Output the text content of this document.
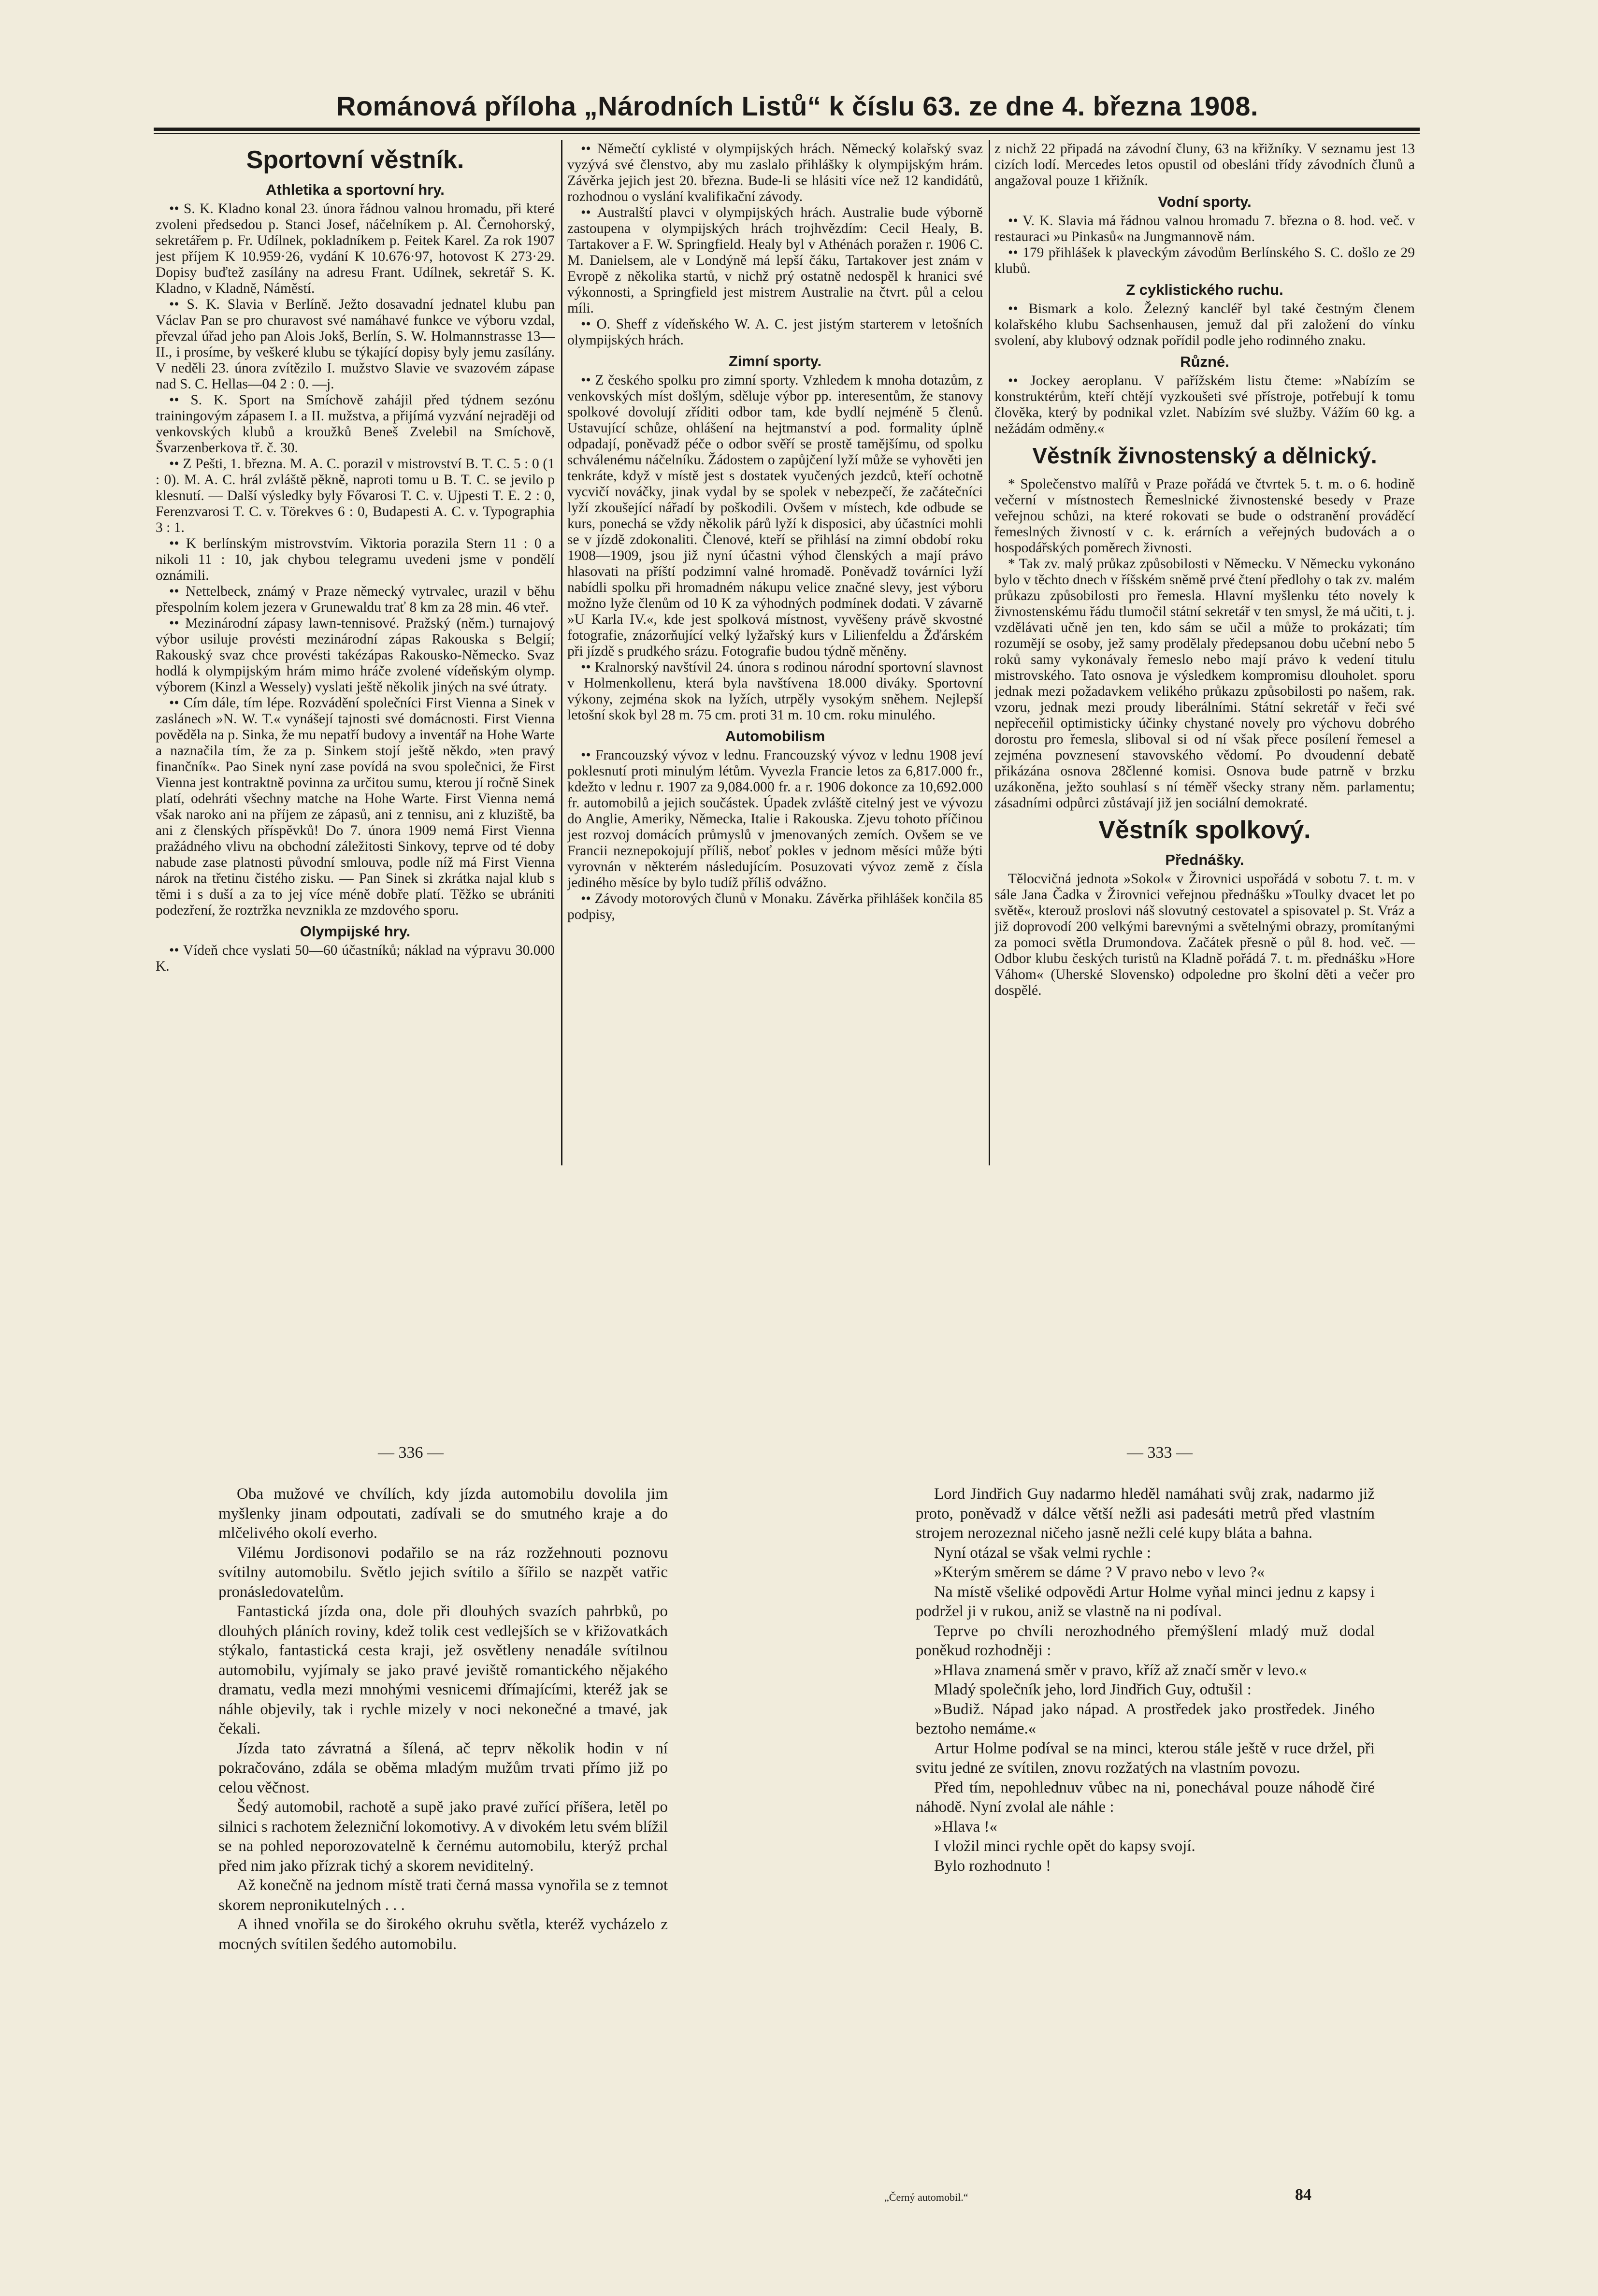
Románová příloha „Národních Listů“ k číslu 63. ze dne 4. března 1908.
Sportovní věstník.
Athletika a sportovní hry.

•• S. K. Kladno konal 23. února řádnou valnou hromadu, při které zvoleni předsedou p. Stanci Josef, náčelníkem p. Al. Černohorský, sekretářem p. Fr. Udílnek, pokladníkem p. Feitek Karel. Za rok 1907 jest příjem K 10.959·26, vydání K 10.676·97, hotovost K 273·29. Dopisy buďtež zasílány na adresu Frant. Udílnek, sekretář S. K. Kladno, v Kladně, Náměstí.

•• S. K. Slavia v Berlíně. Ježto dosavadní jednatel klubu pan Václav Pan se pro churavost své namáhavé funkce ve výboru vzdal, převzal úřad jeho pan Alois Jokš, Berlín, S. W. Holmannstrasse 13—II., i prosíme, by veškeré klubu se týkající dopisy byly jemu zasílány. V neděli 23. února zvítězilo I. mužstvo Slavie ve svazovém zápase nad S. C. Hellas—04 2 : 0. —j.

•• S. K. Sport na Smíchově zahájil před týdnem sezónu trainingovým zápasem I. a II. mužstva, a přijímá vyzvání nejraději od venkovských klubů a kroužků Beneš Zvelebil na Smíchově, Švarzenberkova tř. č. 30.

•• Z Pešti, 1. března. M. A. C. porazil v mistrovství B. T. C. 5 : 0 (1 : 0). M. A. C. hrál zvláště pěkně, naproti tomu u B. T. C. se jevilo p klesnutí. — Další výsledky byly Fővarosi T. C. v. Ujpesti T. E. 2 : 0, Ferenzvarosi T. C. v. Törekves 6 : 0, Budapesti A. C. v. Typographia 3 : 1.

•• K berlínským mistrovstvím. Viktoria porazila Stern 11 : 0 a nikoli 11 : 10, jak chybou telegramu uvedeni jsme v pondělí oznámili.

•• Nettelbeck, známý v Praze německý vytrvalec, urazil v běhu přespolním kolem jezera v Grunewaldu trať 8 km za 28 min. 46 vteř.

•• Mezinárodní zápasy lawn-tennisové. Pražský (něm.) turnajový výbor usiluje provésti mezinárodní zápas Rakouska s Belgií; Rakouský svaz chce provésti takézápas Rakousko-Německo. Svaz hodlá k olympijským hrám mimo hráče zvolené vídeňským olymp. výborem (Kinzl a Wessely) vyslati ještě několik jiných na své útraty.

•• Cím dále, tím lépe. Rozvádění společníci First Vienna a Sinek v zaslánech »N. W. T.« vynášejí tajnosti své domácnosti. First Vienna pověděla na p. Sinka, že mu nepatří budovy a inventář na Hohe Warte a naznačila tím, že za p. Sinkem stojí ještě někdo, »ten pravý finančník«. Pao Sinek nyní zase povídá na svou společnici, že First Vienna jest kontraktně povinna za určitou sumu, kterou jí ročně Sinek platí, odehráti všechny matche na Hohe Warte. First Vienna nemá však naroko ani na příjem ze zápasů, ani z tennisu, ani z kluziště, ba ani z členských příspěvků! Do 7. února 1909 nemá First Vienna pražádného vlivu na obchodní záležitosti Sinkovy, teprve od té doby nabude zase platnosti původní smlouva, podle níž má First Vienna nárok na třetinu čistého zisku. — Pan Sinek si zkrátka najal klub s těmi i s duší a za to jej více méně dobře platí. Těžko se ubrániti podezření, že roztržka nevznikla ze mzdového sporu.

Olympijské hry.

•• Vídeň chce vyslati 50—60 účastníků; náklad na výpravu 30.000 K.

•• Němečtí cyklisté v olympijských hrách. Německý kolařský svaz vyzývá své členstvo, aby mu zaslalo přihlášky k olympijským hrám. Závěrka jejich jest 20. března. Bude-li se hlásiti více než 12 kandidátů, rozhodnou o vyslání kvalifikační závody.

•• Australští plavci v olympijských hrách. Australie bude výborně zastoupena v olympijských hrách trojhvězdím: Cecil Healy, B. Tartakover a F. W. Springfield. Healy byl v Athénách poražen r. 1906 C. M. Danielsem, ale v Londýně má lepší čáku, Tartakover jest znám v Evropě z několika startů, v nichž prý ostatně nedospěl k hranici své výkonnosti, a Springfield jest mistrem Australie na čtvrt. půl a celou míli.

•• O. Sheff z vídeňského W. A. C. jest jistým starterem v letošních olympijských hrách.

Zimní sporty.

•• Z českého spolku pro zimní sporty. Vzhledem k mnoha dotazům, z venkovských míst došlým, sděluje výbor pp. interesentům, že stanovy spolkové dovolují zříditi odbor tam, kde bydlí nejméně 5 členů. Ustavující schůze, ohlášení na hejtmanství a pod. formality úplně odpadají, poněvadž péče o odbor svěří se prostě tamějšímu, od spolku schválenému náčelníku. Žádostem o zapůjčení lyží může se vyhověti jen tenkráte, když v místě jest s dostatek vyučených jezdců, kteří ochotně vycvičí nováčky, jinak vydal by se spolek v nebezpečí, že začátečníci lyží zkoušející nářadí by poškodili. Ovšem v místech, kde odbude se kurs, ponechá se vždy několik párů lyží k disposici, aby účastníci mohli se v jízdě zdokonaliti. Členové, kteří se přihlásí na zimní období roku 1908—1909, jsou již nyní účastni výhod členských a mají právo hlasovati na příští podzimní valné hromadě. Poněvadž továrníci lyží nabídli spolku při hromadném nákupu velice značné slevy, jest výboru možno lyže členům od 10 K za výhodných podmínek dodati. V závarně »U Karla IV.«, kde jest spolková místnost, vyvěšeny právě skvostné fotografie, znázorňující velký lyžařský kurs v Lilienfeldu a Žďárském při jízdě s prudkého srázu. Fotografie budou týdně měněny.

•• Kralnorský navštívil 24. února s rodinou národní sportovní slavnost v Holmenkollenu, která byla navštívena 18.000 diváky. Sportovní výkony, zejména skok na lyžích, utrpěly vysokým sněhem. Nejlepší letošní skok byl 28 m. 75 cm. proti 31 m. 10 cm. roku minulého.

Automobilism

•• Francouzský vývoz v lednu. Francouzský vývoz v lednu 1908 jeví poklesnutí proti minulým létům. Vyvezla Francie letos za 6,817.000 fr., kdežto v lednu r. 1907 za 9,084.000 fr. a r. 1906 dokonce za 10,692.000 fr. automobilů a jejich součástek. Úpadek zvláště citelný jest ve vývozu do Anglie, Ameriky, Německa, Italie i Rakouska. Zjevu tohoto příčinou jest rozvoj domácích průmyslů v jmenovaných zemích. Ovšem se ve Francii neznepokojují příliš, neboť pokles v jednom měsíci může býti vyrovnán v některém následujícím. Posuzovati vývoz země z čísla jediného měsíce by bylo tudíž příliš odvážno.

•• Závody motorových člunů v Monaku. Závěrka přihlášek končila 85 podpisy,

z nichž 22 připadá na závodní čluny, 63 na křižníky. V seznamu jest 13 cizích lodí. Mercedes letos opustil od obesláni třídy závodních člunů a angažoval pouze 1 křižník.

Vodní sporty.

•• V. K. Slavia má řádnou valnou hromadu 7. března o 8. hod. več. v restauraci »u Pinkasů« na Jungmannově nám.

•• 179 přihlášek k plaveckým závodům Berlínského S. C. došlo ze 29 klubů.

Z cyklistického ruchu.

•• Bismark a kolo. Železný kancléř byl také čestným členem kolařského klubu Sachsenhausen, jemuž dal při založení do vínku svolení, aby klubový odznak pořídil podle jeho rodinného znaku.

Různé.

•• Jockey aeroplanu. V pařížském listu čteme: »Nabízím se konstruktérům, kteří chtějí vyzkoušeti své přístroje, potřebují k tomu člověka, který by podnikal vzlet. Nabízím své služby. Vážím 60 kg. a nežádám odměny.«

Věstník živnostenský a dělnický.

* Společenstvo malířů v Praze pořádá ve čtvrtek 5. t. m. o 6. hodině večerní v místnostech Řemeslnické živnostenské besedy v Praze veřejnou schůzi, na které rokovati se bude o odstranění prováděcí řemeslných živností v c. k. erárních a veřejných budovách a o hospodářských poměrech živnosti.

* Tak zv. malý průkaz způsobilosti v Německu. V Německu vykonáno bylo v těchto dnech v říšském sněmě prvé čtení předlohy o tak zv. malém průkazu způsobilosti pro řemesla. Hlavní myšlenku této novely k živnostenskému řádu tlumočil státní sekretář v ten smysl, že má učiti, t. j. vzdělávati učně jen ten, kdo sám se učil a může to prokázati; tím rozumějí se osoby, jež samy prodělaly předepsanou dobu učební nebo 5 roků samy vykonávaly řemeslo nebo mají právo k vedení titulu mistrovského. Tato osnova je výsledkem kompromisu dlouholet. sporu jednak mezi požadavkem velikého průkazu způsobilosti po našem, rak. vzoru, jednak mezi proudy liberálními. Státní sekretář v řeči své nepřeceňil optimisticky účinky chystané novely pro výchovu dobrého dorostu pro řemesla, sliboval si od ní však přece posílení řemesel a zejména povznesení stavovského vědomí. Po dvoudenní debatě přikázána osnova 28členné komisi. Osnova bude patrně v brzku uzákoněna, ježto souhlasí s ní téměř všecky strany něm. parlamentu; zásadními odpůrci zůstávají již jen sociální demokraté.

Věstník spolkový.
Přednášky.

Tělocvičná jednota »Sokol« v Žirovnici uspořádá v sobotu 7. t. m. v sále Jana Čadka v Žirovnici veřejnou přednášku »Toulky dvacet let po světě«, kterouž proslovi náš slovutný cestovatel a spisovatel p. St. Vráz a již doprovodí 200 velkými barevnými a světelnými obrazy, promítanými za pomoci světla Drumondova. Začátek přesně o půl 8. hod. več. — Odbor klubu českých turistů na Kladně pořádá 7. t. m. přednášku »Hore Váhom« (Uherské Slovensko) odpoledne pro školní děti a večer pro dospělé.

— 336 —

Oba mužové ve chvílích, kdy jízda automobilu dovolila jim myšlenky jinam odpoutati, zadívali se do smutného kraje a do mlčelivého okolí everho.

Vilému Jordisonovi podařilo se na ráz rozžehnouti poznovu svítilny automobilu. Světlo jejich svítilo a šířilo se nazpět vatřic pronásledovatelům.

Fantastická jízda ona, dole při dlouhých svazích pahrbků, po dlouhých pláních roviny, kdež tolik cest vedlejších se v křižovatkách stýkalo, fantastická cesta kraji, jež osvětleny nenadále svítilnou automobilu, vyjímaly se jako pravé jeviště romantického nějakého dramatu, vedla mezi mnohými vesnicemi dřímajícími, kteréž jak se náhle objevily, tak i rychle mizely v noci nekonečné a tmavé, jak čekali.

Jízda tato závratná a šílená, ač teprv několik hodin v ní pokračováno, zdála se oběma mladým mužům trvati přímo již po celou věčnost.

Šedý automobil, rachotě a supě jako pravé zuřící příšera, letěl po silnici s rachotem železniční lokomotivy. A v divokém letu svém blížil se na pohled neporozovatelně k černému automobilu, kterýž prchal před nim jako přízrak tichý a skorem neviditelný.

Až konečně na jednom místě trati černá massa vynořila se z temnot skorem nepronikutelných . . .

A ihned vnořila se do širokého okruhu světla, kteréž vycházelo z mocných svítilen šedého automobilu.

— 333 —

Lord Jindřich Guy nadarmo hleděl namáhati svůj zrak, nadarmo již proto, poněvadž v dálce větší nežli asi padesáti metrů před vlastním strojem nerozeznal ničeho jasně nežli celé kupy bláta a bahna.

Nyní otázal se však velmi rychle :

»Kterým směrem se dáme ? V pravo nebo v levo ?«

Na místě všeliké odpovědi Artur Holme vyňal minci jednu z kapsy i podržel ji v rukou, aniž se vlastně na ni podíval.

Teprve po chvíli nerozhodného přemýšlení mladý muž dodal poněkud rozhodněji :

»Hlava znamená směr v pravo, kříž až značí směr v levo.«

Mladý společník jeho, lord Jindřich Guy, odtušil :

»Budiž. Nápad jako nápad. A prostředek jako prostředek. Jiného beztoho nemáme.«

Artur Holme podíval se na minci, kterou stále ještě v ruce držel, při svitu jedné ze svítilen, znovu rozžatých na vlastním povozu.

Před tím, nepohlednuv vůbec na ni, ponechával pouze náhodě čiré náhodě. Nyní zvolal ale náhle :

»Hlava !«

I vložil minci rychle opět do kapsy svojí.

Bylo rozhodnuto !

„Černý automobil.“	84
